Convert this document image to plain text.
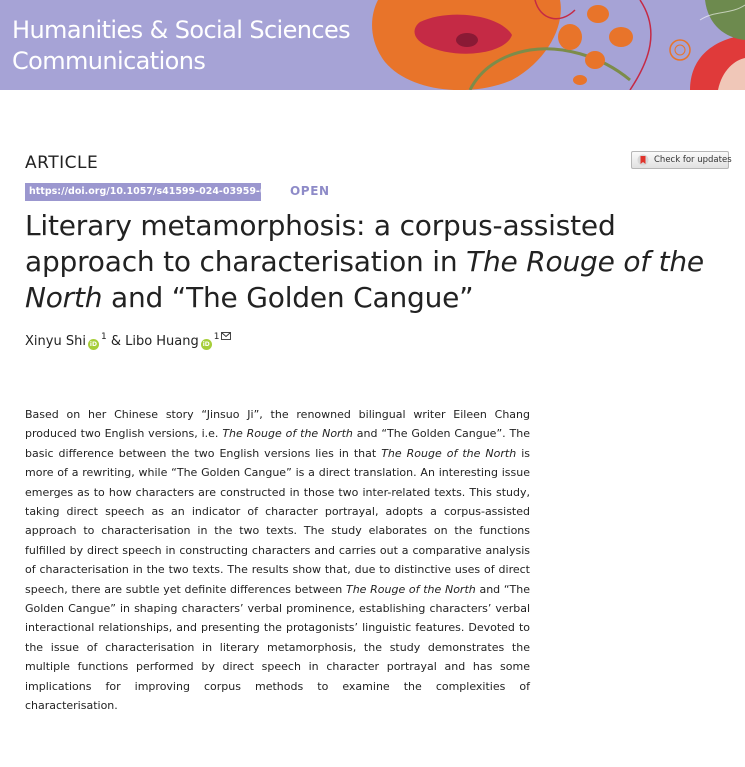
Humanities & Social Sciences
Communications
ARTICLE	Check for updates
https://doi.org/10.1057/s41599-024-03959-6 OPEN
Literary metamorphosis: a corpus-assisted approach to characterisation in The Rouge of the North and “The Golden Cangue”
Xinyu Shi iD$^1$ & Libo Huang iD$^1$

Based on her Chinese story “Jinsuo Ji”, the renowned bilingual writer Eileen Chang produced two English versions, i.e. The Rouge of the North and “The Golden Cangue”. The basic difference between the two English versions lies in that The Rouge of the North is more of a rewriting, while “The Golden Cangue” is a direct translation. An interesting issue emerges as to how characters are constructed in those two inter-related texts. This study, taking direct speech as an indicator of character portrayal, adopts a corpus-assisted approach to characterisation in the two texts. The study elaborates on the functions fulfilled by direct speech in constructing characters and carries out a comparative analysis of characterisation in the two texts. The results show that, due to distinctive uses of direct speech, there are subtle yet definite differences between The Rouge of the North and “The Golden Cangue” in shaping characters’ verbal prominence, establishing characters’ verbal interactional relationships, and presenting the protagonists’ linguistic features. Devoted to the issue of characterisation in literary metamorphosis, the study demonstrates the multiple functions performed by direct speech in character portrayal and has some implications for improving corpus methods to examine the complexities of characterisation.
